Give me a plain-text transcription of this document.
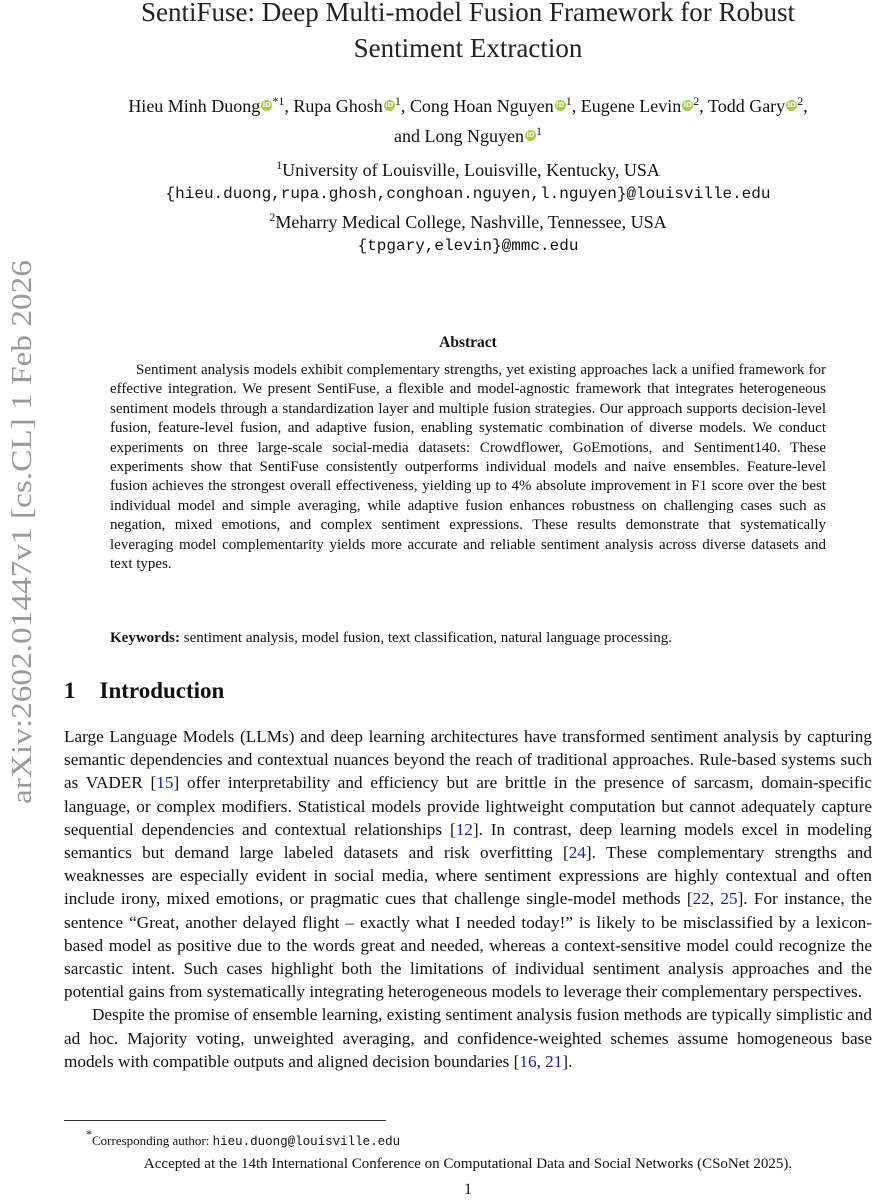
arXiv:2602.01447v1 [cs.CL] 1 Feb 2026
SentiFuse: Deep Multi-model Fusion Framework for Robust
Sentiment Extraction
Hieu Minh Duong $iD^{*1}$, Rupa Ghosh $iD^1$, Cong Hoan Nguyen $iD^1$, Eugene Levin $iD^2$, Todd Gary $iD^2$,
and Long Nguyen $iD^1$
$^1$University of Louisville, Louisville, Kentucky, USA
{hieu.duong,rupa.ghosh,conghoan.nguyen,l.nguyen}@louisville.edu
$^2$Meharry Medical College, Nashville, Tennessee, USA
{tpgary,elevin}@mmc.edu
Abstract

Sentiment analysis models exhibit complementary strengths, yet existing approaches lack a unified framework for effective integration. We present SentiFuse, a flexible and model-agnostic framework that integrates heterogeneous sentiment models through a standardization layer and multiple fusion strategies. Our approach supports decision-level fusion, feature-level fusion, and adaptive fusion, enabling systematic combination of diverse models. We conduct experiments on three large-scale social-media datasets: Crowdflower, GoEmotions, and Sentiment140. These experiments show that SentiFuse consistently outperforms individual models and naive ensembles. Feature-level fusion achieves the strongest overall effectiveness, yielding up to 4% absolute improvement in F1 score over the best individual model and simple averaging, while adaptive fusion enhances robustness on challenging cases such as negation, mixed emotions, and complex sentiment expressions. These results demonstrate that systematically leveraging model complementarity yields more accurate and reliable sentiment analysis across diverse datasets and text types.

Keywords: sentiment analysis, model fusion, text classification, natural language processing.

1 Introduction

Large Language Models (LLMs) and deep learning architectures have transformed sentiment analysis by capturing semantic dependencies and contextual nuances beyond the reach of traditional approaches. Rule-based systems such as VADER [15] offer interpretability and efficiency but are brittle in the presence of sarcasm, domain-specific language, or complex modifiers. Statistical models provide lightweight computation but cannot adequately capture sequential dependencies and contextual relationships [12]. In contrast, deep learning models excel in modeling semantics but demand large labeled datasets and risk overfitting [24]. These complementary strengths and weaknesses are especially evident in social media, where sentiment expressions are highly contextual and often include irony, mixed emotions, or pragmatic cues that challenge single-model methods [22, 25]. For instance, the sentence “Great, another delayed flight – exactly what I needed today!” is likely to be misclassified by a lexicon-based model as positive due to the words great and needed, whereas a context-sensitive model could recognize the sarcastic intent. Such cases highlight both the limitations of individual sentiment analysis approaches and the potential gains from systematically integrating heterogeneous models to leverage their complementary perspectives.

Despite the promise of ensemble learning, existing sentiment analysis fusion methods are typically simplistic and ad hoc. Majority voting, unweighted averaging, and confidence-weighted schemes assume homogeneous base models with compatible outputs and aligned decision boundaries [16, 21].

*Corresponding author: hieu.duong@louisville.edu
Accepted at the 14th International Conference on Computational Data and Social Networks (CSoNet 2025).
1
